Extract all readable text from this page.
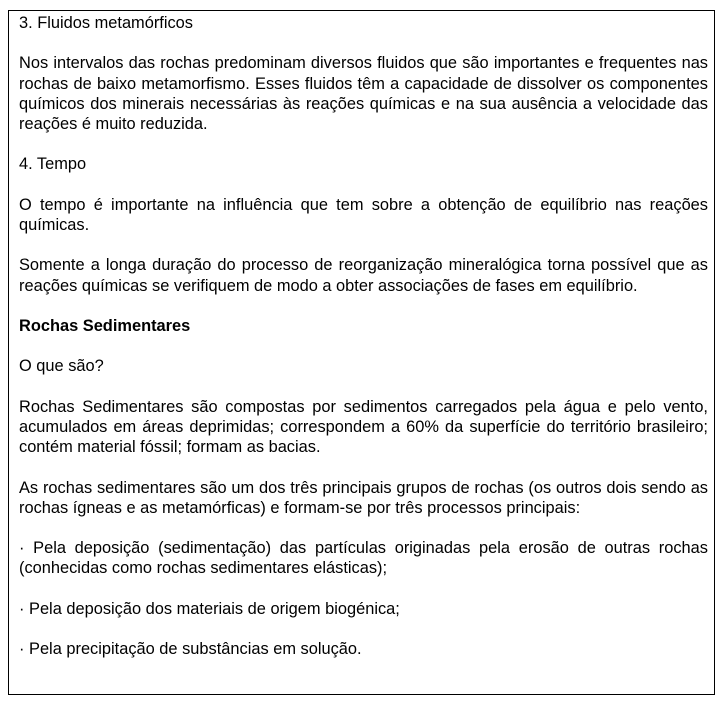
3. Fluidos metamórficos

Nos intervalos das rochas predominam diversos fluidos que são importantes e frequentes nas rochas de baixo metamorfismo. Esses fluidos têm a capacidade de dissolver os componentes químicos dos minerais necessárias às reações químicas e na sua ausência a velocidade das reações é muito reduzida.

4. Tempo

O tempo é importante na influência que tem sobre a obtenção de equilíbrio nas reações químicas.

Somente a longa duração do processo de reorganização mineralógica torna possível que as reações químicas se verifiquem de modo a obter associações de fases em equilíbrio.

Rochas Sedimentares

O que são?

Rochas Sedimentares são compostas por sedimentos carregados pela água e pelo vento, acumulados em áreas deprimidas; correspondem a 60% da superfície do território brasileiro; contém material fóssil; formam as bacias.

As rochas sedimentares são um dos três principais grupos de rochas (os outros dois sendo as rochas ígneas e as metamórficas) e formam-se por três processos principais:

· Pela deposição (sedimentação) das partículas originadas pela erosão de outras rochas (conhecidas como rochas sedimentares elásticas);

· Pela deposição dos materiais de origem biogénica;

· Pela precipitação de substâncias em solução.
